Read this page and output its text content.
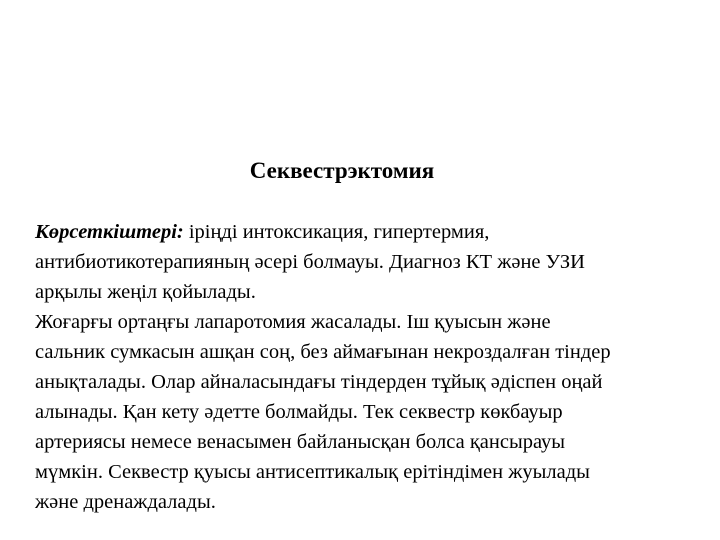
Секвестрэктомия
Көрсеткіштері: іріңді интоксикация, гипертермия,
антибиотикотерапияның әсері болмауы. Диагноз КТ және УЗИ
арқылы жеңіл қойылады.
Жоғарғы ортаңғы лапаротомия жасалады. Іш қуысын және
сальник сумкасын ашқан соң, без аймағынан некроздалған тіндер
анықталады. Олар айналасындағы тіндерден тұйық әдіспен оңай
алынады. Қан кету әдетте болмайды. Тек секвестр көкбауыр
артериясы немесе венасымен байланысқан болса қансырауы
мүмкін. Секвестр қуысы антисептикалық ерітіндімен жуылады
және дренаждалады.
